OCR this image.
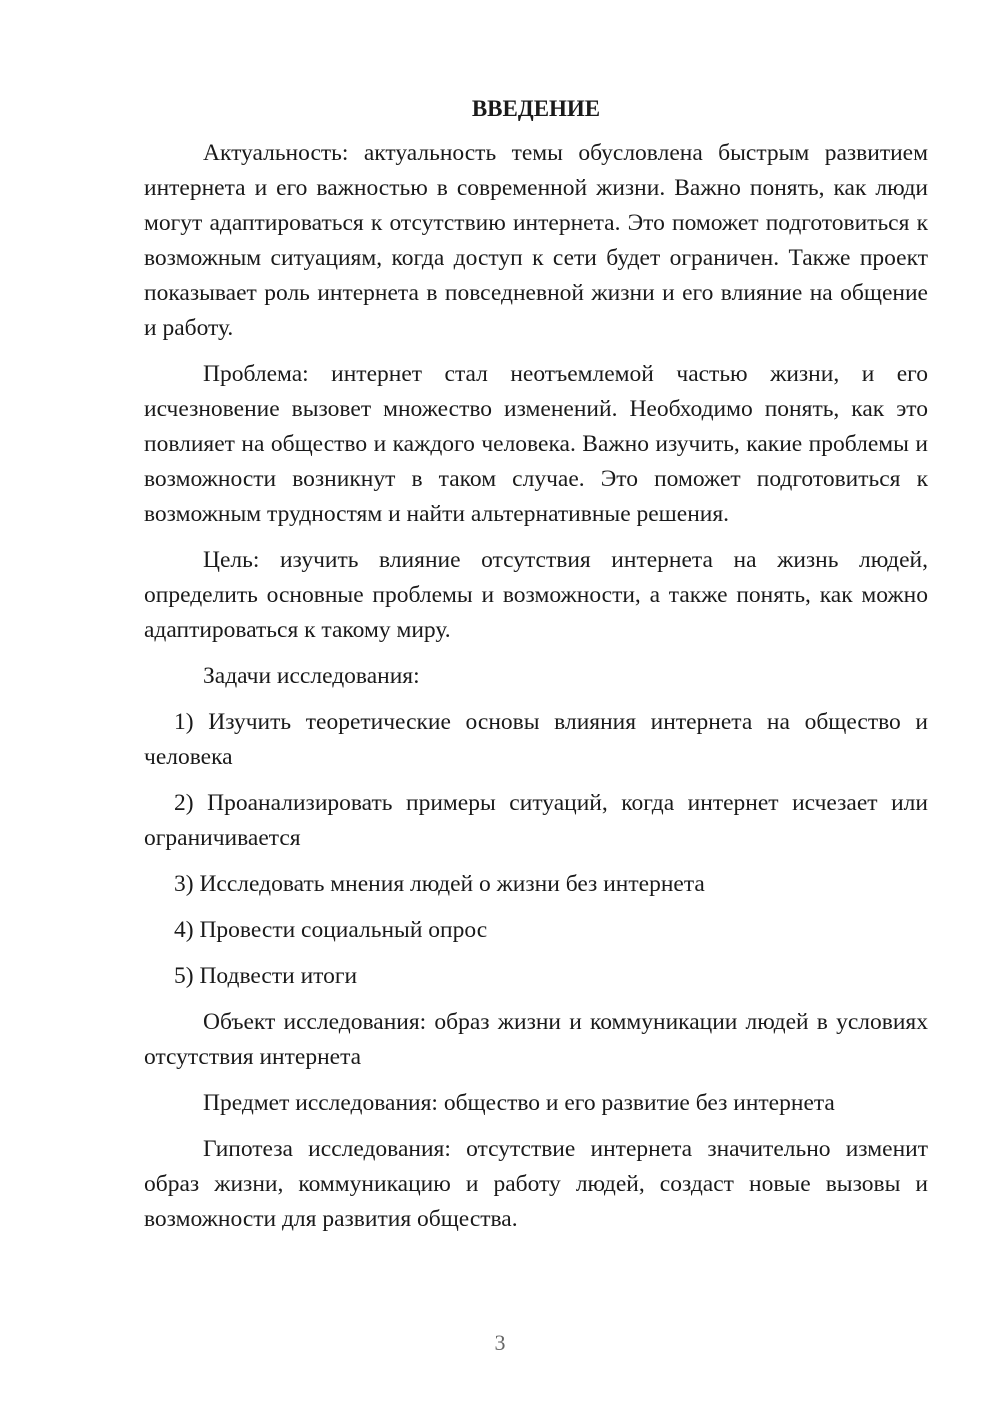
ВВЕДЕНИЕ

Актуальность: актуальность темы обусловлена быстрым развитием интернета и его важностью в современной жизни. Важно понять, как люди могут адаптироваться к отсутствию интернета. Это поможет подготовиться к возможным ситуациям, когда доступ к сети будет ограничен. Также проект показывает роль интернета в повседневной жизни и его влияние на общение и работу.

Проблема: интернет стал неотъемлемой частью жизни, и его исчезновение вызовет множество изменений. Необходимо понять, как это повлияет на общество и каждого человека. Важно изучить, какие проблемы и возможности возникнут в таком случае. Это поможет подготовиться к возможным трудностям и найти альтернативные решения.

Цель: изучить влияние отсутствия интернета на жизнь людей, определить основные проблемы и возможности, а также понять, как можно адаптироваться к такому миру.

Задачи исследования:

1) Изучить теоретические основы влияния интернета на общество и человека

2) Проанализировать примеры ситуаций, когда интернет исчезает или ограничивается

3) Исследовать мнения людей о жизни без интернета

4) Провести социальный опрос

5) Подвести итоги

Объект исследования: образ жизни и коммуникации людей в условиях отсутствия интернета

Предмет исследования: общество и его развитие без интернета

Гипотеза исследования: отсутствие интернета значительно изменит образ жизни, коммуникацию и работу людей, создаст новые вызовы и возможности для развития общества.

3
